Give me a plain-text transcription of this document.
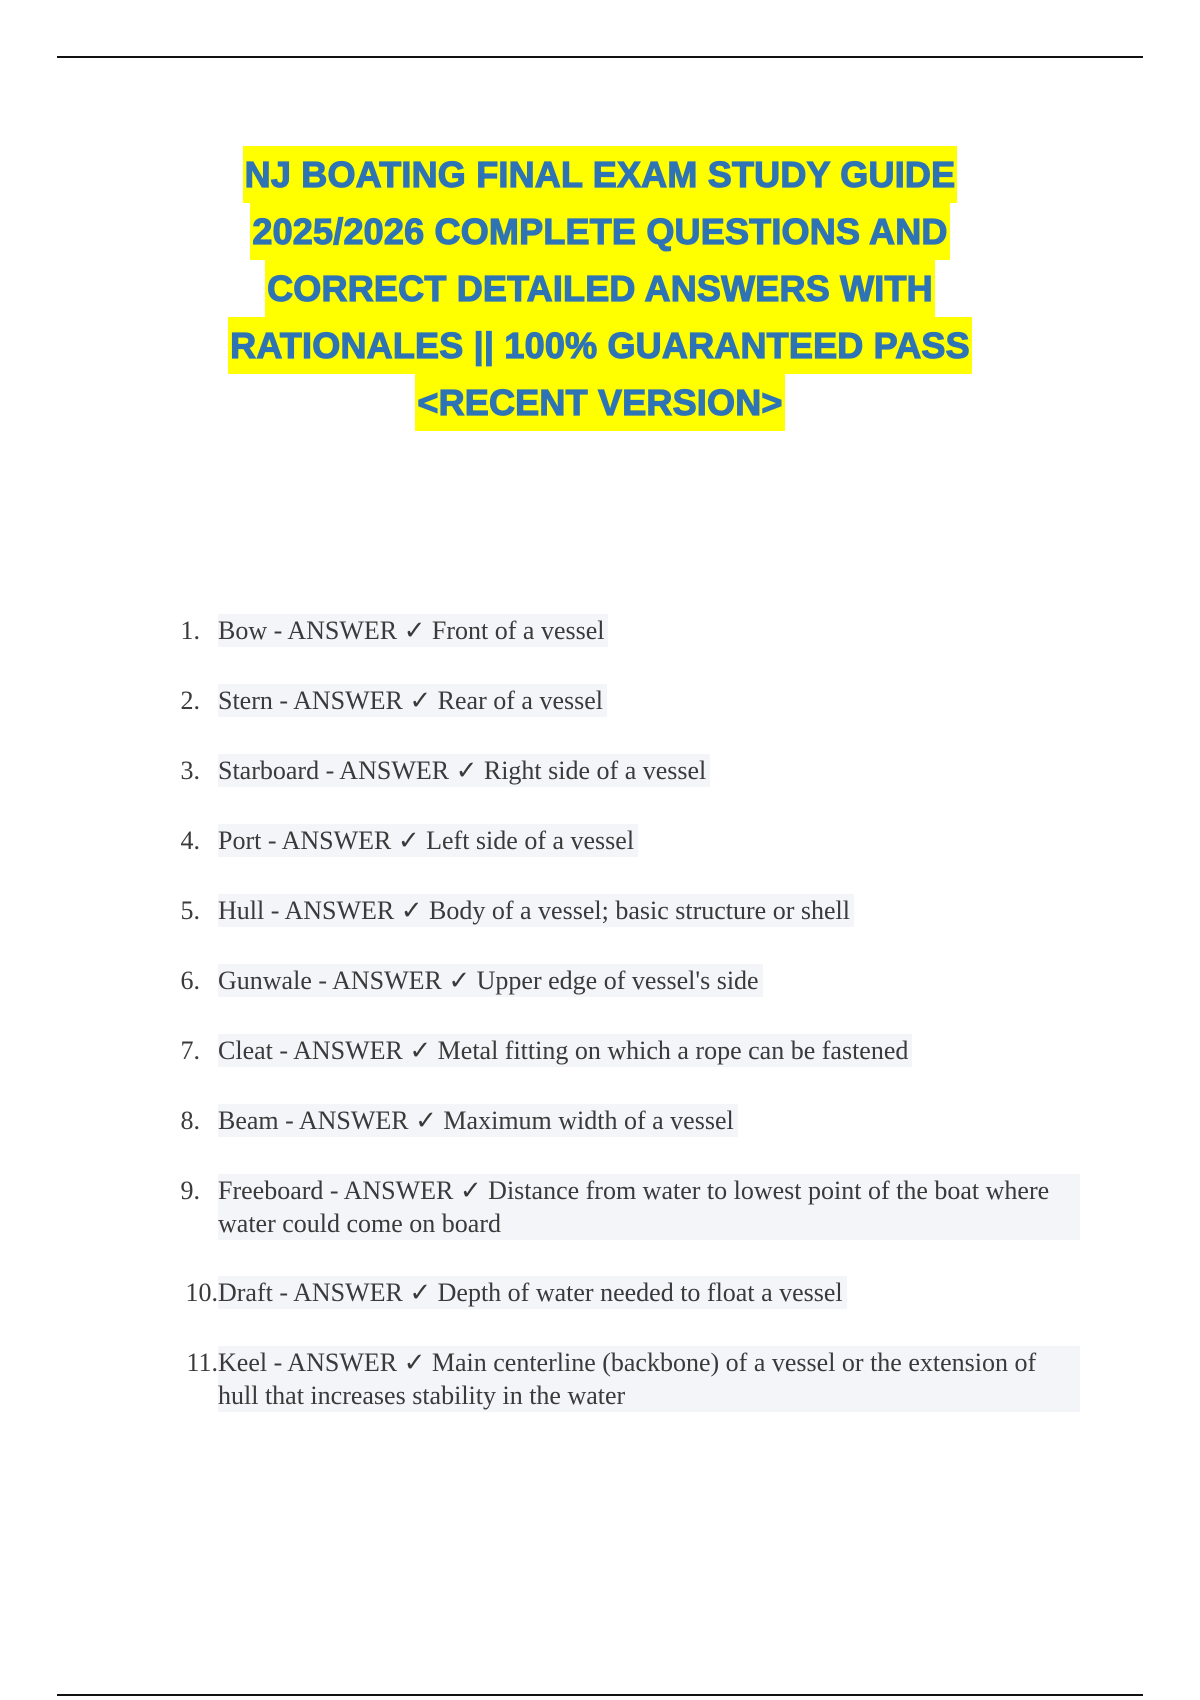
NJ BOATING FINAL EXAM STUDY GUIDE
2025/2026 COMPLETE QUESTIONS AND
CORRECT DETAILED ANSWERS WITH
RATIONALES || 100% GUARANTEED PASS
<RECENT VERSION>
1. Bow - ANSWER ✓ Front of a vessel
2. Stern - ANSWER ✓ Rear of a vessel
3. Starboard - ANSWER ✓ Right side of a vessel
4. Port - ANSWER ✓ Left side of a vessel
5. Hull - ANSWER ✓ Body of a vessel; basic structure or shell
6. Gunwale - ANSWER ✓ Upper edge of vessel's side
7. Cleat - ANSWER ✓ Metal fitting on which a rope can be fastened
8. Beam - ANSWER ✓ Maximum width of a vessel
9. Freeboard - ANSWER ✓ Distance from water to lowest point of the boat where water could come on board
10. Draft - ANSWER ✓ Depth of water needed to float a vessel
11. Keel - ANSWER ✓ Main centerline (backbone) of a vessel or the extension of hull that increases stability in the water
